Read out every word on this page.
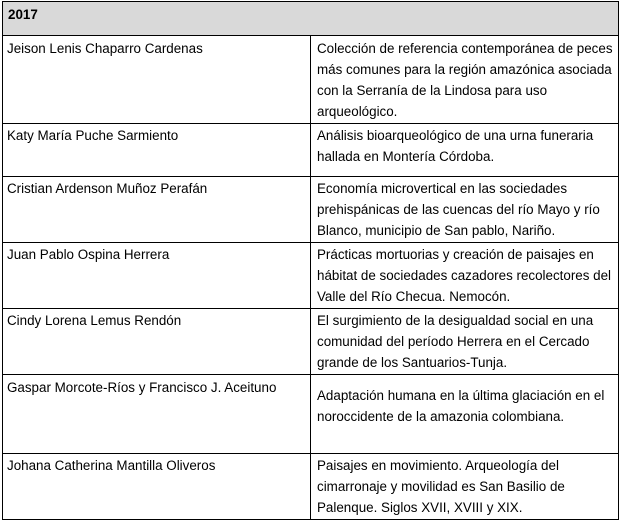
2017	
Jeison Lenis Chaparro Cardenas	Colección de referencia contemporánea de peces más comunes para la región amazónica asociada con la Serranía de la Lindosa para uso arqueológico.
Katy María Puche Sarmiento	Análisis bioarqueológico de una urna funeraria hallada en Montería Córdoba.
Cristian Ardenson Muñoz Perafán	Economía microvertical en las sociedades prehispánicas de las cuencas del río Mayo y río Blanco, municipio de San pablo, Nariño.
Juan Pablo Ospina Herrera	Prácticas mortuorias y creación de paisajes en hábitat de sociedades cazadores recolectores del Valle del Río Checua. Nemocón.
Cindy Lorena Lemus Rendón	El surgimiento de la desigualdad social en una comunidad del período Herrera en el Cercado grande de los Santuarios-Tunja.
Gaspar Morcote-Ríos y Francisco J. Aceituno	Adaptación humana en la última glaciación en el noroccidente de la amazonia colombiana.
Johana Catherina Mantilla Oliveros	Paisajes en movimiento. Arqueología del cimarronaje y movilidad es San Basilio de Palenque. Siglos XVII, XVIII y XIX.
